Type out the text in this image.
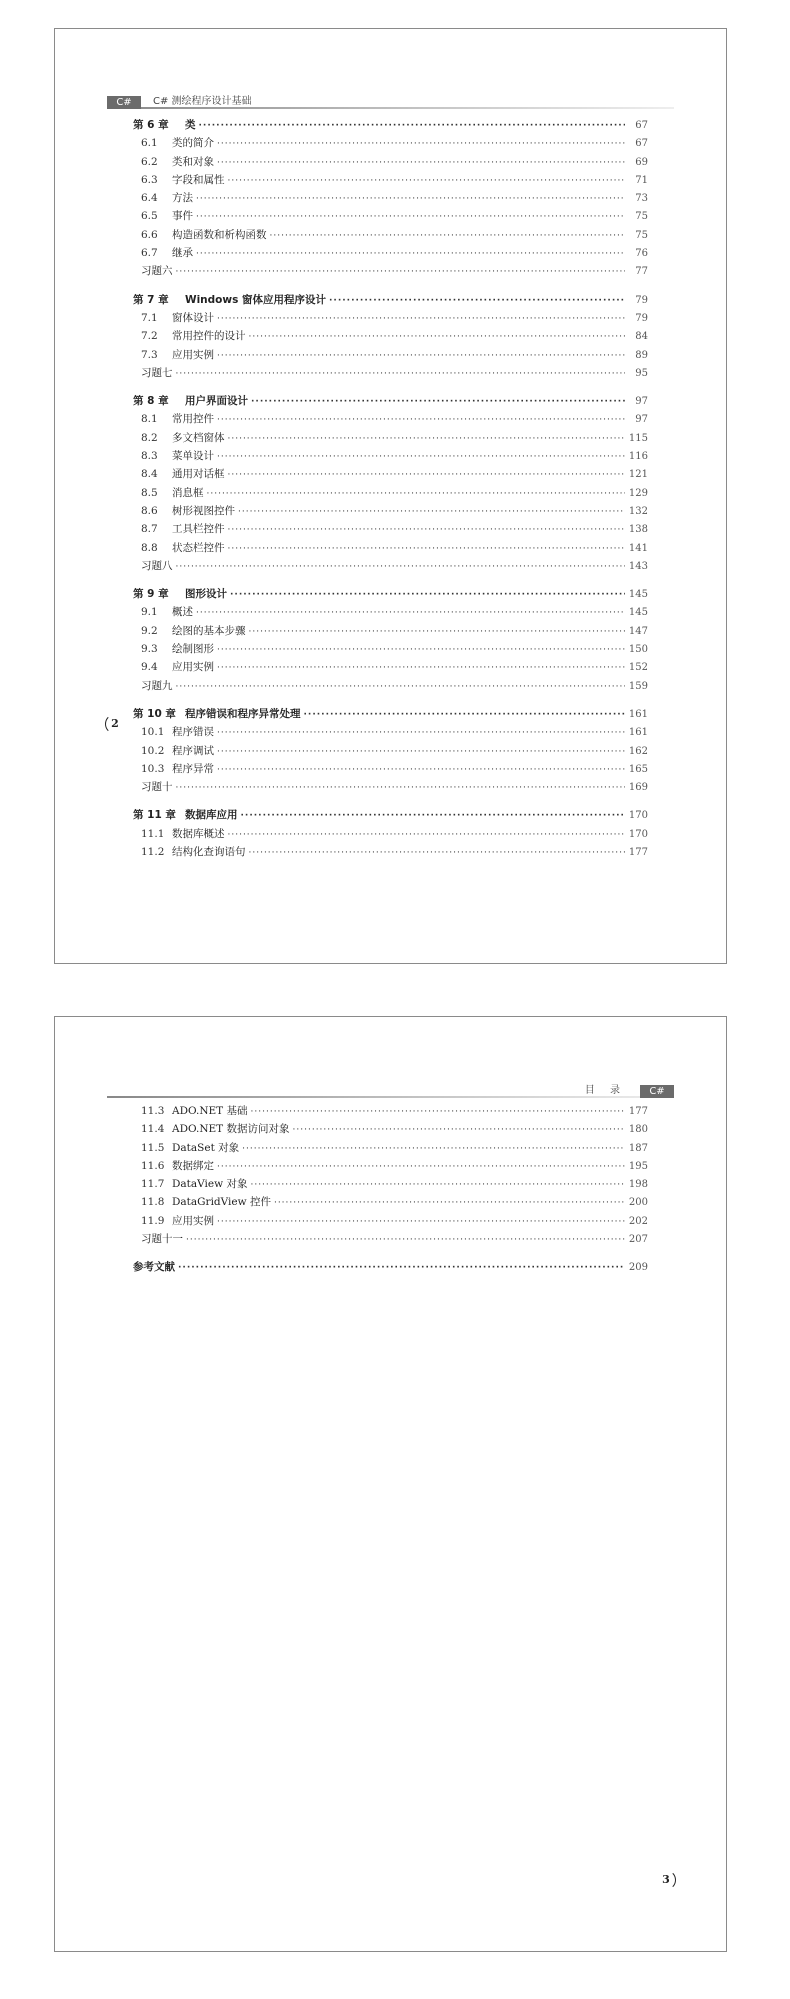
C#	C# 测绘程序设计基础
第 6 章	类 ·····	67
6.1	类的简介 ·····	67
6.2	类和对象 ·····	69
6.3	字段和属性 ·····	71
6.4	方法 ·····	73
6.5	事件 ·····	75
6.6	构造函数和析构函数 ·····	75
6.7	继承 ·····	76
习题六 ·····	77
第 7 章	Windows 窗体应用程序设计 ·····	79
7.1	窗体设计 ·····	79
7.2	常用控件的设计 ·····	84
7.3	应用实例 ·····	89
习题七 ·····	95
第 8 章	用户界面设计 ·····	97
8.1	常用控件 ·····	97
8.2	多文档窗体 ·····	115
8.3	菜单设计 ·····	116
8.4	通用对话框 ·····	121
8.5	消息框 ·····	129
8.6	树形视图控件 ·····	132
8.7	工具栏控件 ·····	138
8.8	状态栏控件 ·····	141
习题八 ·····	143
第 9 章	图形设计 ·····	145
9.1	概述 ·····	145
9.2	绘图的基本步骤 ·····	147
9.3	绘制图形 ·····	150
9.4	应用实例 ·····	152
习题九 ·····	159
第 10 章 程序错误和程序异常处理 ·····	161
10.1 程序错误 ·····	161
10.2 程序调试 ·····	162
10.3 程序异常 ·····	165
习题十 ·····	169
第 11 章 数据库应用 ·····	170
11.1 数据库概述 ·····	170
11.2 结构化查询语句 ·····	177
2
目 录	C#
11.3 ADO.NET 基础 ·····	177
11.4 ADO.NET 数据访问对象 ·····	180
11.5 DataSet 对象 ·····	187
11.6 数据绑定 ·····	195
11.7 DataView 对象 ·····	198
11.8 DataGridView 控件 ·····	200
11.9 应用实例 ·····	202
习题十一 ·····	207
参考文献 ·····	209
3
